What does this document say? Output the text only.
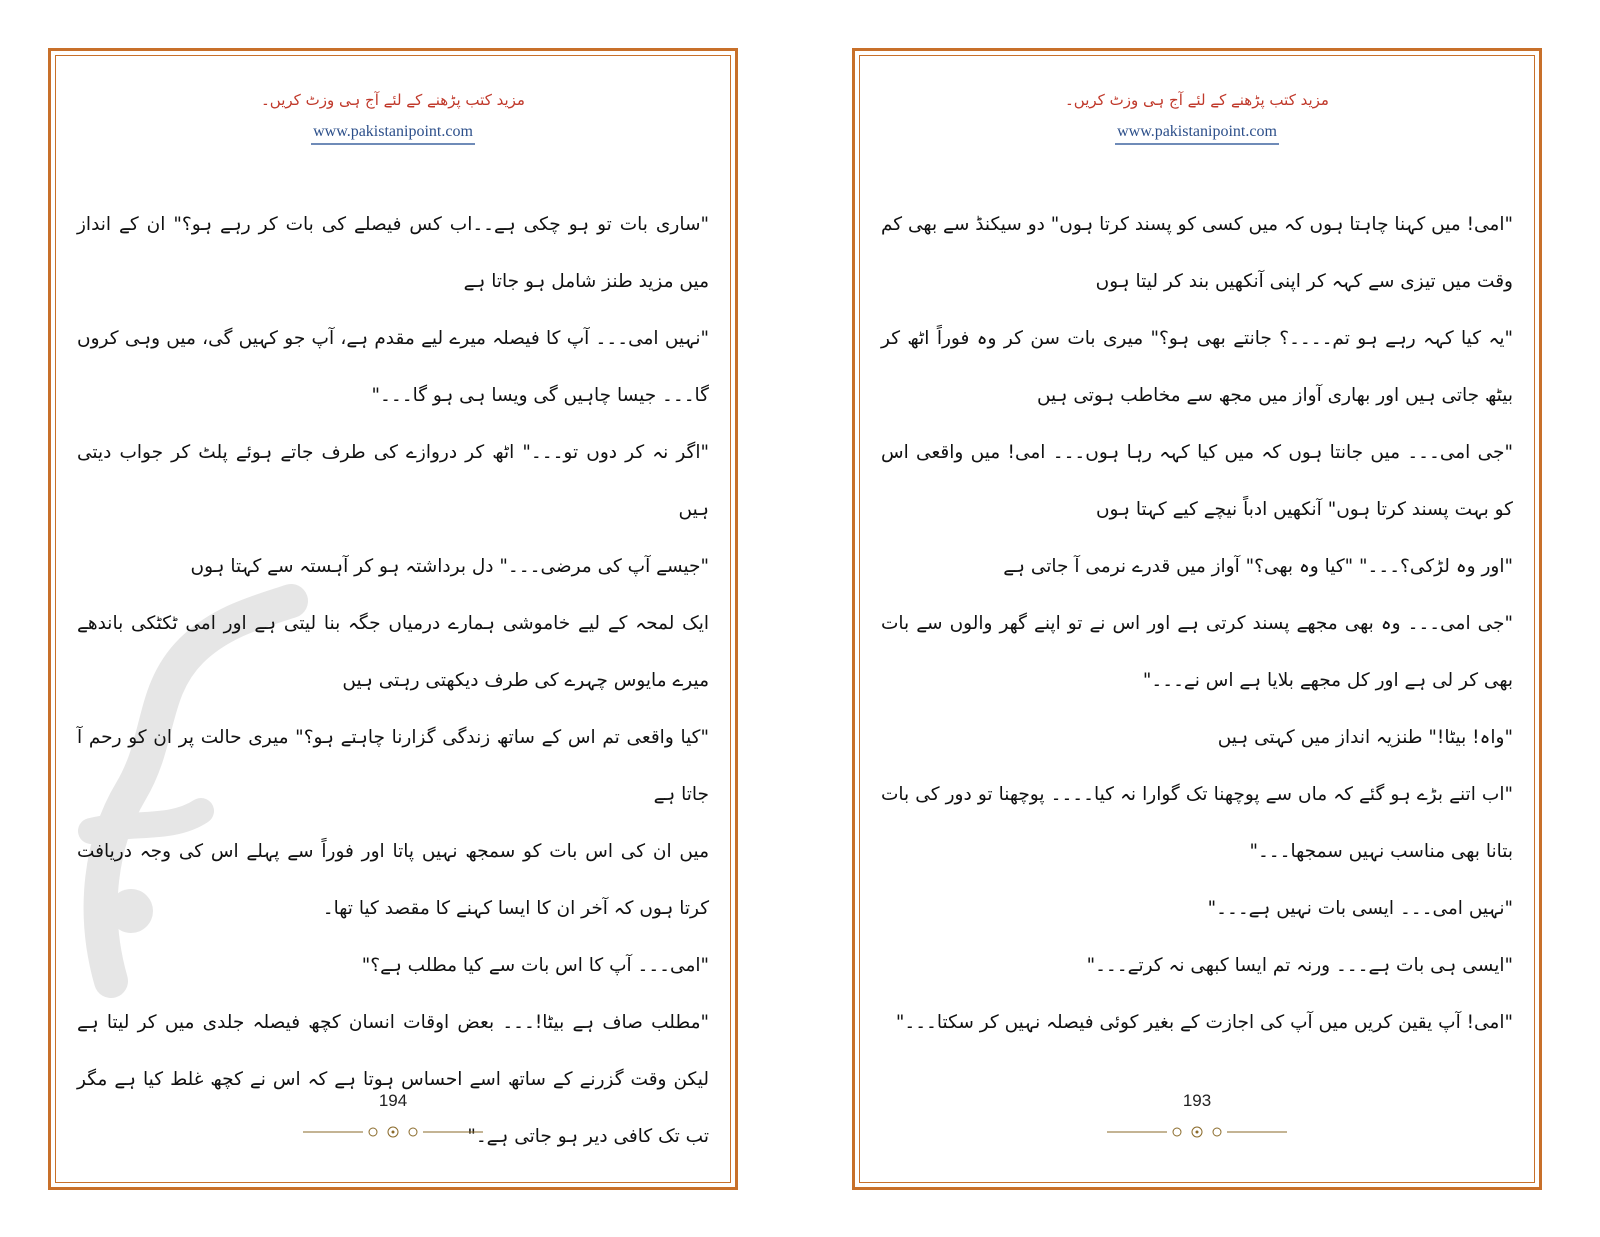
مزید کتب پڑھنے کے لئے آج ہی وزٹ کریں۔
www.pakistanipoint.com

"ساری بات تو ہو چکی ہے۔۔اب کس فیصلے کی بات کر رہے ہو؟" ان کے انداز میں مزید طنز شامل ہو جاتا ہے

"نہیں امی۔۔۔ آپ کا فیصلہ میرے لیے مقدم ہے، آپ جو کہیں گی، میں وہی کروں گا۔۔۔ جیسا چاہیں گی ویسا ہی ہو گا۔۔۔"

"اگر نہ کر دوں تو۔۔۔" اٹھ کر دروازے کی طرف جاتے ہوئے پلٹ کر جواب دیتی ہیں

"جیسے آپ کی مرضی۔۔۔" دل برداشتہ ہو کر آہستہ سے کہتا ہوں

ایک لمحہ کے لیے خاموشی ہمارے درمیاں جگہ بنا لیتی ہے اور امی ٹکٹکی باندھے میرے مایوس چہرے کی طرف دیکھتی رہتی ہیں

"کیا واقعی تم اس کے ساتھ زندگی گزارنا چاہتے ہو؟" میری حالت پر ان کو رحم آ جاتا ہے

میں ان کی اس بات کو سمجھ نہیں پاتا اور فوراً سے پہلے اس کی وجہ دریافت کرتا ہوں کہ آخر ان کا ایسا کہنے کا مقصد کیا تھا۔

"امی۔۔۔ آپ کا اس بات سے کیا مطلب ہے؟"

"مطلب صاف ہے بیٹا!۔۔۔ بعض اوقات انسان کچھ فیصلہ جلدی میں کر لیتا ہے لیکن وقت گزرنے کے ساتھ اسے احساس ہوتا ہے کہ اس نے کچھ غلط کیا ہے مگر تب تک کافی دیر ہو جاتی ہے۔"

194
مزید کتب پڑھنے کے لئے آج ہی وزٹ کریں۔
www.pakistanipoint.com

"امی! میں کہنا چاہتا ہوں کہ میں کسی کو پسند کرتا ہوں" دو سیکنڈ سے بھی کم وقت میں تیزی سے کہہ کر اپنی آنکھیں بند کر لیتا ہوں

"یہ کیا کہہ رہے ہو تم۔۔۔۔؟ جانتے بھی ہو؟" میری بات سن کر وہ فوراً اٹھ کر بیٹھ جاتی ہیں اور بھاری آواز میں مجھ سے مخاطب ہوتی ہیں

"جی امی۔۔۔ میں جانتا ہوں کہ میں کیا کہہ رہا ہوں۔۔۔ امی! میں واقعی اس کو بہت پسند کرتا ہوں" آنکھیں ادباً نیچے کیے کہتا ہوں

"اور وہ لڑکی؟۔۔۔" "کیا وہ بھی؟" آواز میں قدرے نرمی آ جاتی ہے

"جی امی۔۔۔ وہ بھی مجھے پسند کرتی ہے اور اس نے تو اپنے گھر والوں سے بات بھی کر لی ہے اور کل مجھے بلایا ہے اس نے۔۔۔"

"واہ! بیٹا!" طنزیہ انداز میں کہتی ہیں

"اب اتنے بڑے ہو گئے کہ ماں سے پوچھنا تک گوارا نہ کیا۔۔۔۔ پوچھنا تو دور کی بات بتانا بھی مناسب نہیں سمجھا۔۔۔"

"نہیں امی۔۔۔ ایسی بات نہیں ہے۔۔۔"

"ایسی ہی بات ہے۔۔۔ ورنہ تم ایسا کبھی نہ کرتے۔۔۔"

"امی! آپ یقین کریں میں آپ کی اجازت کے بغیر کوئی فیصلہ نہیں کر سکتا۔۔۔"

193
